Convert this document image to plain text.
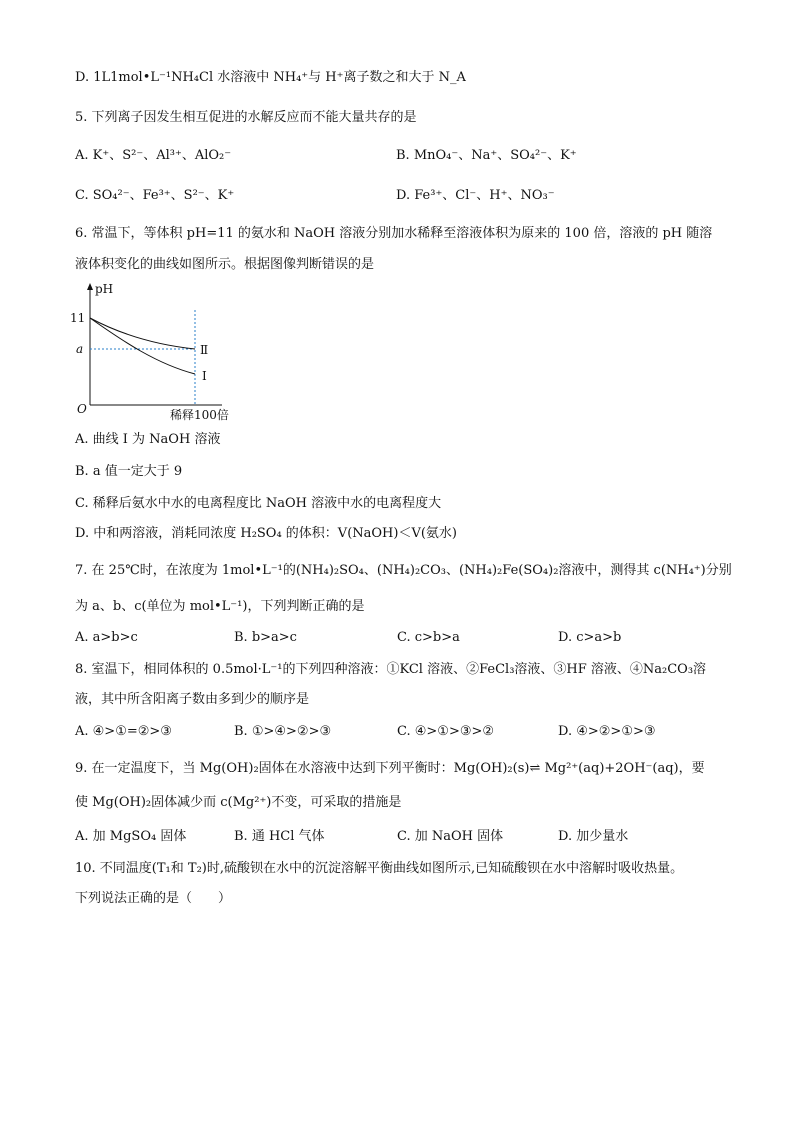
D. 1L1mol•L⁻¹NH₄Cl 水溶液中 NH₄⁺与 H⁺离子数之和大于 N_A
5. 下列离子因发生相互促进的水解反应而不能大量共存的是
A. K⁺、S²⁻、Al³⁺、AlO₂⁻	B. MnO₄⁻、Na⁺、SO₄²⁻、K⁺
C. SO₄²⁻、Fe³⁺、S²⁻、K⁺	D. Fe³⁺、Cl⁻、H⁺、NO₃⁻
6. 常温下，等体积 pH=11 的氨水和 NaOH 溶液分别加水稀释至溶液体积为原来的 100 倍，溶液的 pH 随溶
液体积变化的曲线如图所示。根据图像判断错误的是
pH
11
a
O	稀释100倍
Ⅱ
I
A. 曲线 I 为 NaOH 溶液
B. a 值一定大于 9
C. 稀释后氨水中水的电离程度比 NaOH 溶液中水的电离程度大
D. 中和两溶液，消耗同浓度 H₂SO₄ 的体积：V(NaOH)＜V(氨水)
7. 在 25℃时，在浓度为 1mol•L⁻¹的(NH₄)₂SO₄、(NH₄)₂CO₃、(NH₄)₂Fe(SO₄)₂溶液中，测得其 c(NH₄⁺)分别
为 a、b、c(单位为 mol•L⁻¹)，下列判断正确的是
A. a>b>c	B. b>a>c	C. c>b>a	D. c>a>b
8. 室温下，相同体积的 0.5mol·L⁻¹的下列四种溶液：①KCl 溶液、②FeCl₃溶液、③HF 溶液、④Na₂CO₃溶
液，其中所含阳离子数由多到少的顺序是
A. ④>①=②>③	B. ①>④>②>③	C. ④>①>③>②	D. ④>②>①>③
9. 在一定温度下，当 Mg(OH)₂固体在水溶液中达到下列平衡时：Mg(OH)₂(s)⇌ Mg²⁺(aq)+2OH⁻(aq)，要
使 Mg(OH)₂固体减少而 c(Mg²⁺)不变，可采取的措施是
A. 加 MgSO₄ 固体	B. 通 HCl 气体	C. 加 NaOH 固体	D. 加少量水
10. 不同温度(T₁和 T₂)时,硫酸钡在水中的沉淀溶解平衡曲线如图所示,已知硫酸钡在水中溶解时吸收热量。
下列说法正确的是（　　）
